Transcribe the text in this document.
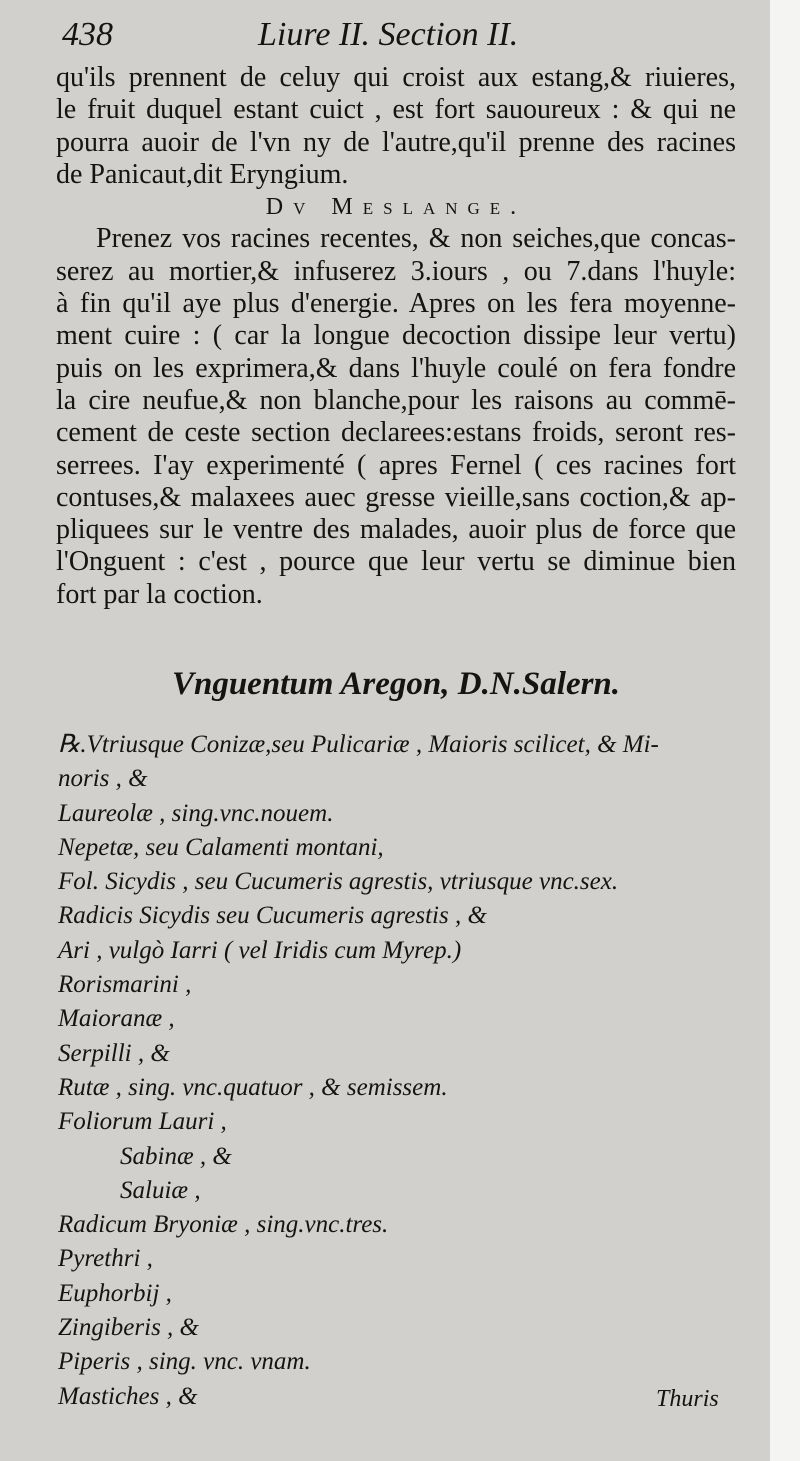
438	Liure II. Section II.
qu'ils prennent de celuy qui croist aux estang,& riuieres,
le fruit duquel estant cuict , est fort sauoureux : & qui ne
pourra auoir de l'vn ny de l'autre,qu'il prenne des racines
de Panicaut,dit Eryngium.
Dv Meslange.
Prenez vos racines recentes, & non seiches,que concas-
serez au mortier,& infuserez 3.iours , ou 7.dans l'huyle:
à fin qu'il aye plus d'energie. Apres on les fera moyenne-
ment cuire : ( car la longue decoction dissipe leur vertu)
puis on les exprimera,& dans l'huyle coulé on fera fondre
la cire neufue,& non blanche,pour les raisons au commē-
cement de ceste section declarees:estans froids, seront res-
serrees. I'ay experimenté ( apres Fernel ( ces racines fort
contuses,& malaxees auec gresse vieille,sans coction,& ap-
pliquees sur le ventre des malades, auoir plus de force que
l'Onguent : c'est , pource que leur vertu se diminue bien
fort par la coction.
Vnguentum Aregon, D.N.Salern.
℞.Vtriusque Conizæ,seu Pulicariæ , Maioris scilicet, & Mi-
noris , &
Laureolæ , sing.vnc.nouem.
Nepetæ, seu Calamenti montani,
Fol. Sicydis , seu Cucumeris agrestis, vtriusque vnc.sex.
Radicis Sicydis seu Cucumeris agrestis , &
Ari , vulgò Iarri ( vel Iridis cum Myrep.)
Rorismarini ,
Maioranæ ,
Serpilli , &
Rutæ , sing. vnc.quatuor , & semissem.
Foliorum Lauri ,
Sabinæ , &
Saluiæ ,
Radicum Bryoniæ , sing.vnc.tres.
Pyrethri ,
Euphorbij ,
Zingiberis , &
Piperis , sing. vnc. vnam.
Mastiches , &	Thuris
